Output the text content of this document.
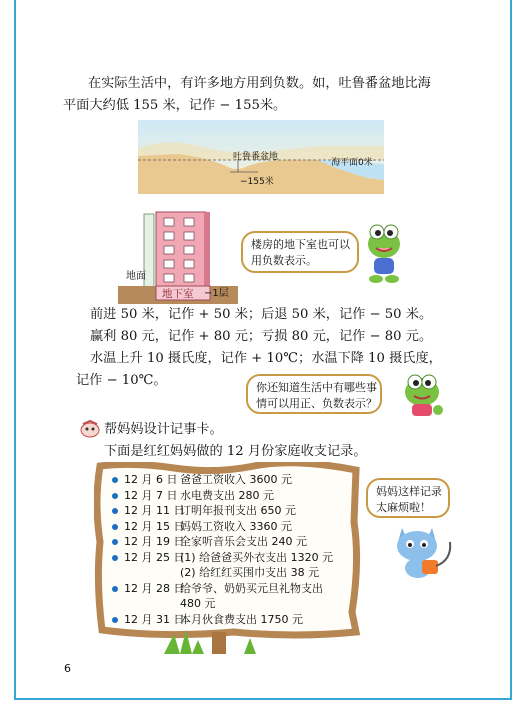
在实际生活中，有许多地方用到负数。如，吐鲁番盆地比海
平面大约低 155 米，记作 − 155米。
吐鲁番盆地
−155米
海平面0米
地面
地下室 −1层
楼房的地下室也可以
用负数表示。
前进 50 米，记作 + 50 米；后退 50 米，记作 − 50 米。
赢利 80 元，记作 + 80 元；亏损 80 元，记作 − 80 元。
水温上升 10 摄氏度，记作 + 10℃；水温下降 10 摄氏度，
记作 − 10℃。	你还知道生活中有哪些事
情可以用正、负数表示？
帮妈妈设计记事卡。
下面是红红妈妈做的 12 月份家庭收支记录。
12 月 6 日 爸爸工资收入 3600 元
12 月 7 日 水电费支出 280 元
12 月 11 日订明年报刊支出 650 元
12 月 15 日妈妈工资收入 3360 元
12 月 19 日全家听音乐会支出 240 元
12 月 25 日(1) 给爸爸买外衣支出 1320 元
(2) 给红红买围巾支出 38 元
12 月 28 日给爷爷、奶奶买元旦礼物支出
480 元
12 月 31 日本月伙食费支出 1750 元
妈妈这样记录
太麻烦啦！
6
